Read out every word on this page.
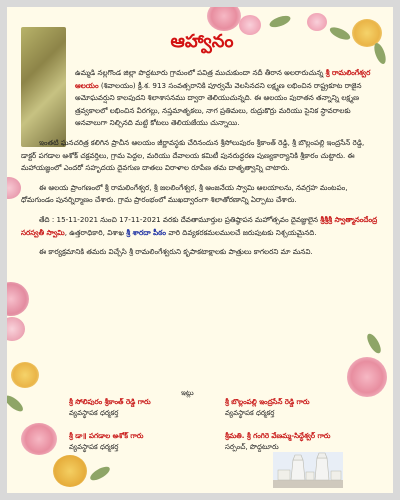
ఆహ్వానం

ఉమ్మడి నల్లగొండ జిల్లా పొద్దటూరు గ్రామంలో పవిత్ర ముచుకుందా నదీ తీరాన అలరారుచున్న శ్రీ రామలింగేశ్వర ఆలయం (శివాలయం) క్రీ.శ. 913 సంవత్సరానికి పూర్వమే వెలసినదని లక్ష్మణ లభించిన రాష్ట్రకూట రాజైన అమోఘవర్షుని కాలపుదని శిలాశాసనము ద్వారా తెలియుచున్నది. ఈ ఆలయం పురాతన తన్నాన్ని లక్ష్మణ త్రవ్వకాలలో లభించిన వీరగల్లు, నప్తమాతృకలు, నాగ ప్రతిమలు, రుద్రుకొర్రు మరియు సైనిక స్థావరాలకు ఆనవాలుగా నిల్చినది మట్టి కోటలు తెలియజేయు చున్నాయి.

ఇంతటి ఘనచరిత్ర కలిగిన ప్రాచీన ఆలయం జీర్ణావస్థకు చేరినందున శ్రీసోలుపురం శ్రీకాంత్ రెడ్డి, శ్రీ బొల్లంపల్లి ఇంద్రసేన్ రెడ్డి, డాక్టర్ పగడాల ఆశోక్ చక్రవర్తిలు, గ్రామ పెద్దల, మరియు దేవాలయ కమిటీ పునరుద్ధరణ పుణ్యకార్యానికి శ్రీకారం చుట్టారు. ఈ మహాయజ్ఞంలో ఎందరో సహృదయ దైవగుణ దాతలు విరాళాల రూపేణ తమ దాతృత్వాన్ని చాటారు.

ఈ ఆలయ ప్రాంగణంలో శ్రీ రామలింగేశ్వర, శ్రీ జలలింగేశ్వర, శ్రీ ఆంజనేయ స్వామి ఆలయాలను, నవగ్రహ మంటపం, ధోమగుండం పునర్నిర్మాణం చేశారు. గ్రామ ప్రారంభంలో ముఖద్వారంగా శిలాతోరణాన్ని ఏర్పాటు చేశారు.

తేది : 15-11-2021 నుంచి 17-11-2021 వరకు దేవతామూర్తుల ప్రతిష్ఠాపన మహోత్సవం దైవజ్ఞులైన శ్రీశ్రీశ్రీ స్వాత్మానందేంద్ర సరస్వతీ స్వామి, ఉత్తరాధికారి, విశాఖ శ్రీ శారదా పీఠం వారి దివ్యకరకమలములచే జరుపుటకు నిశ్చయమైనది.

ఈ కార్యక్రమానికి తమరు విచ్చేసి శ్రీ రామలింగేశ్వరుని కృపాకటాక్షాలకు పాత్రులు కాగలరని మా మనవి.

ఇట్లు
శ్రీ సోలిపురం శ్రీకాంత్ రెడ్డి గారు
వ్యవస్థాపక ధర్మకర్త
శ్రీ బొల్లంపల్లి ఇంద్రసేన్ రెడ్డి గారు
వ్యవస్థాపక ధర్మకర్త
శ్రీ డా॥ పగడాల అశోక్ గారు
వ్యవస్థాపక ధర్మకర్త
శ్రీమతి. శ్రీ గంగిరె వేణమ్మ-సిద్ధేశ్వర్ గారు
సర్పంచ్, పొద్దటూరు
